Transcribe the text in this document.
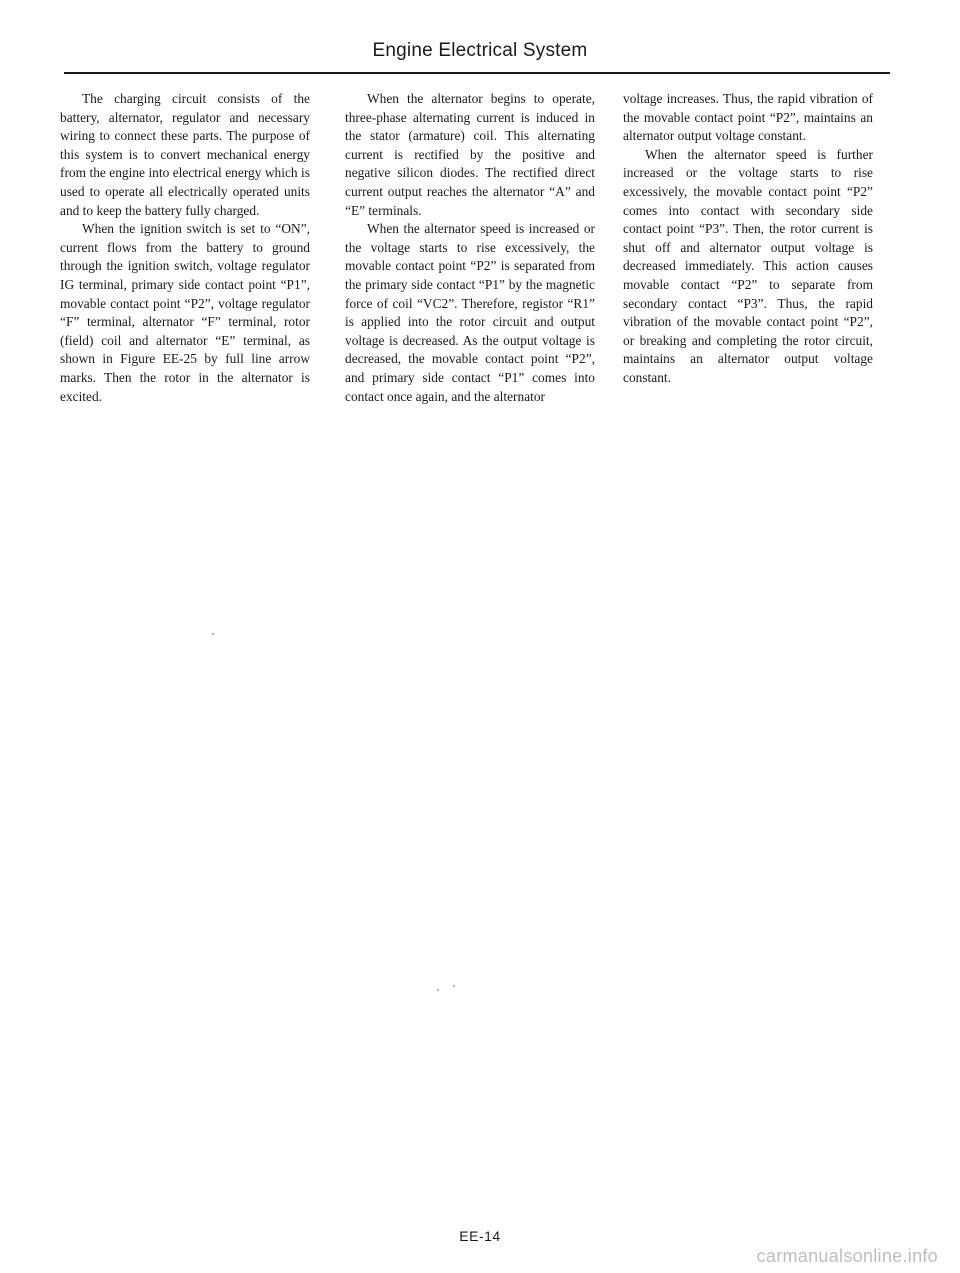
Engine Electrical System

The charging circuit consists of the battery, alternator, regulator and necessary wiring to connect these parts. The purpose of this system is to convert mechanical energy from the engine into electrical energy which is used to operate all electrically operated units and to keep the battery fully charged.

When the ignition switch is set to “ON”, current flows from the battery to ground through the ignition switch, voltage regulator IG terminal, primary side contact point “P1”, movable contact point “P2”, voltage regulator “F” terminal, alternator “F” terminal, rotor (field) coil and alternator “E” terminal, as shown in Figure EE-25 by full line arrow marks. Then the rotor in the alternator is excited.

When the alternator begins to operate, three-phase alternating current is induced in the stator (armature) coil. This alternating current is rectified by the positive and negative silicon diodes. The rectified direct current output reaches the alternator “A” and “E” terminals.

When the alternator speed is increased or the voltage starts to rise excessively, the movable contact point “P2” is separated from the primary side contact “P1” by the magnetic force of coil “VC2”. Therefore, registor “R1” is applied into the rotor circuit and output voltage is decreased. As the output voltage is decreased, the movable contact point “P2”, and primary side contact “P1” comes into contact once again, and the alternator

voltage increases. Thus, the rapid vibration of the movable contact point “P2”, maintains an alternator output voltage constant.

When the alternator speed is further increased or the voltage starts to rise excessively, the movable contact point “P2” comes into contact with secondary side contact point “P3”. Then, the rotor current is shut off and alternator output voltage is decreased immediately. This action causes movable contact “P2” to separate from secondary contact “P3”. Thus, the rapid vibration of the movable contact point “P2”, or breaking and completing the rotor circuit, maintains an alternator output voltage constant.

EE-14
carmanualsonline.info
